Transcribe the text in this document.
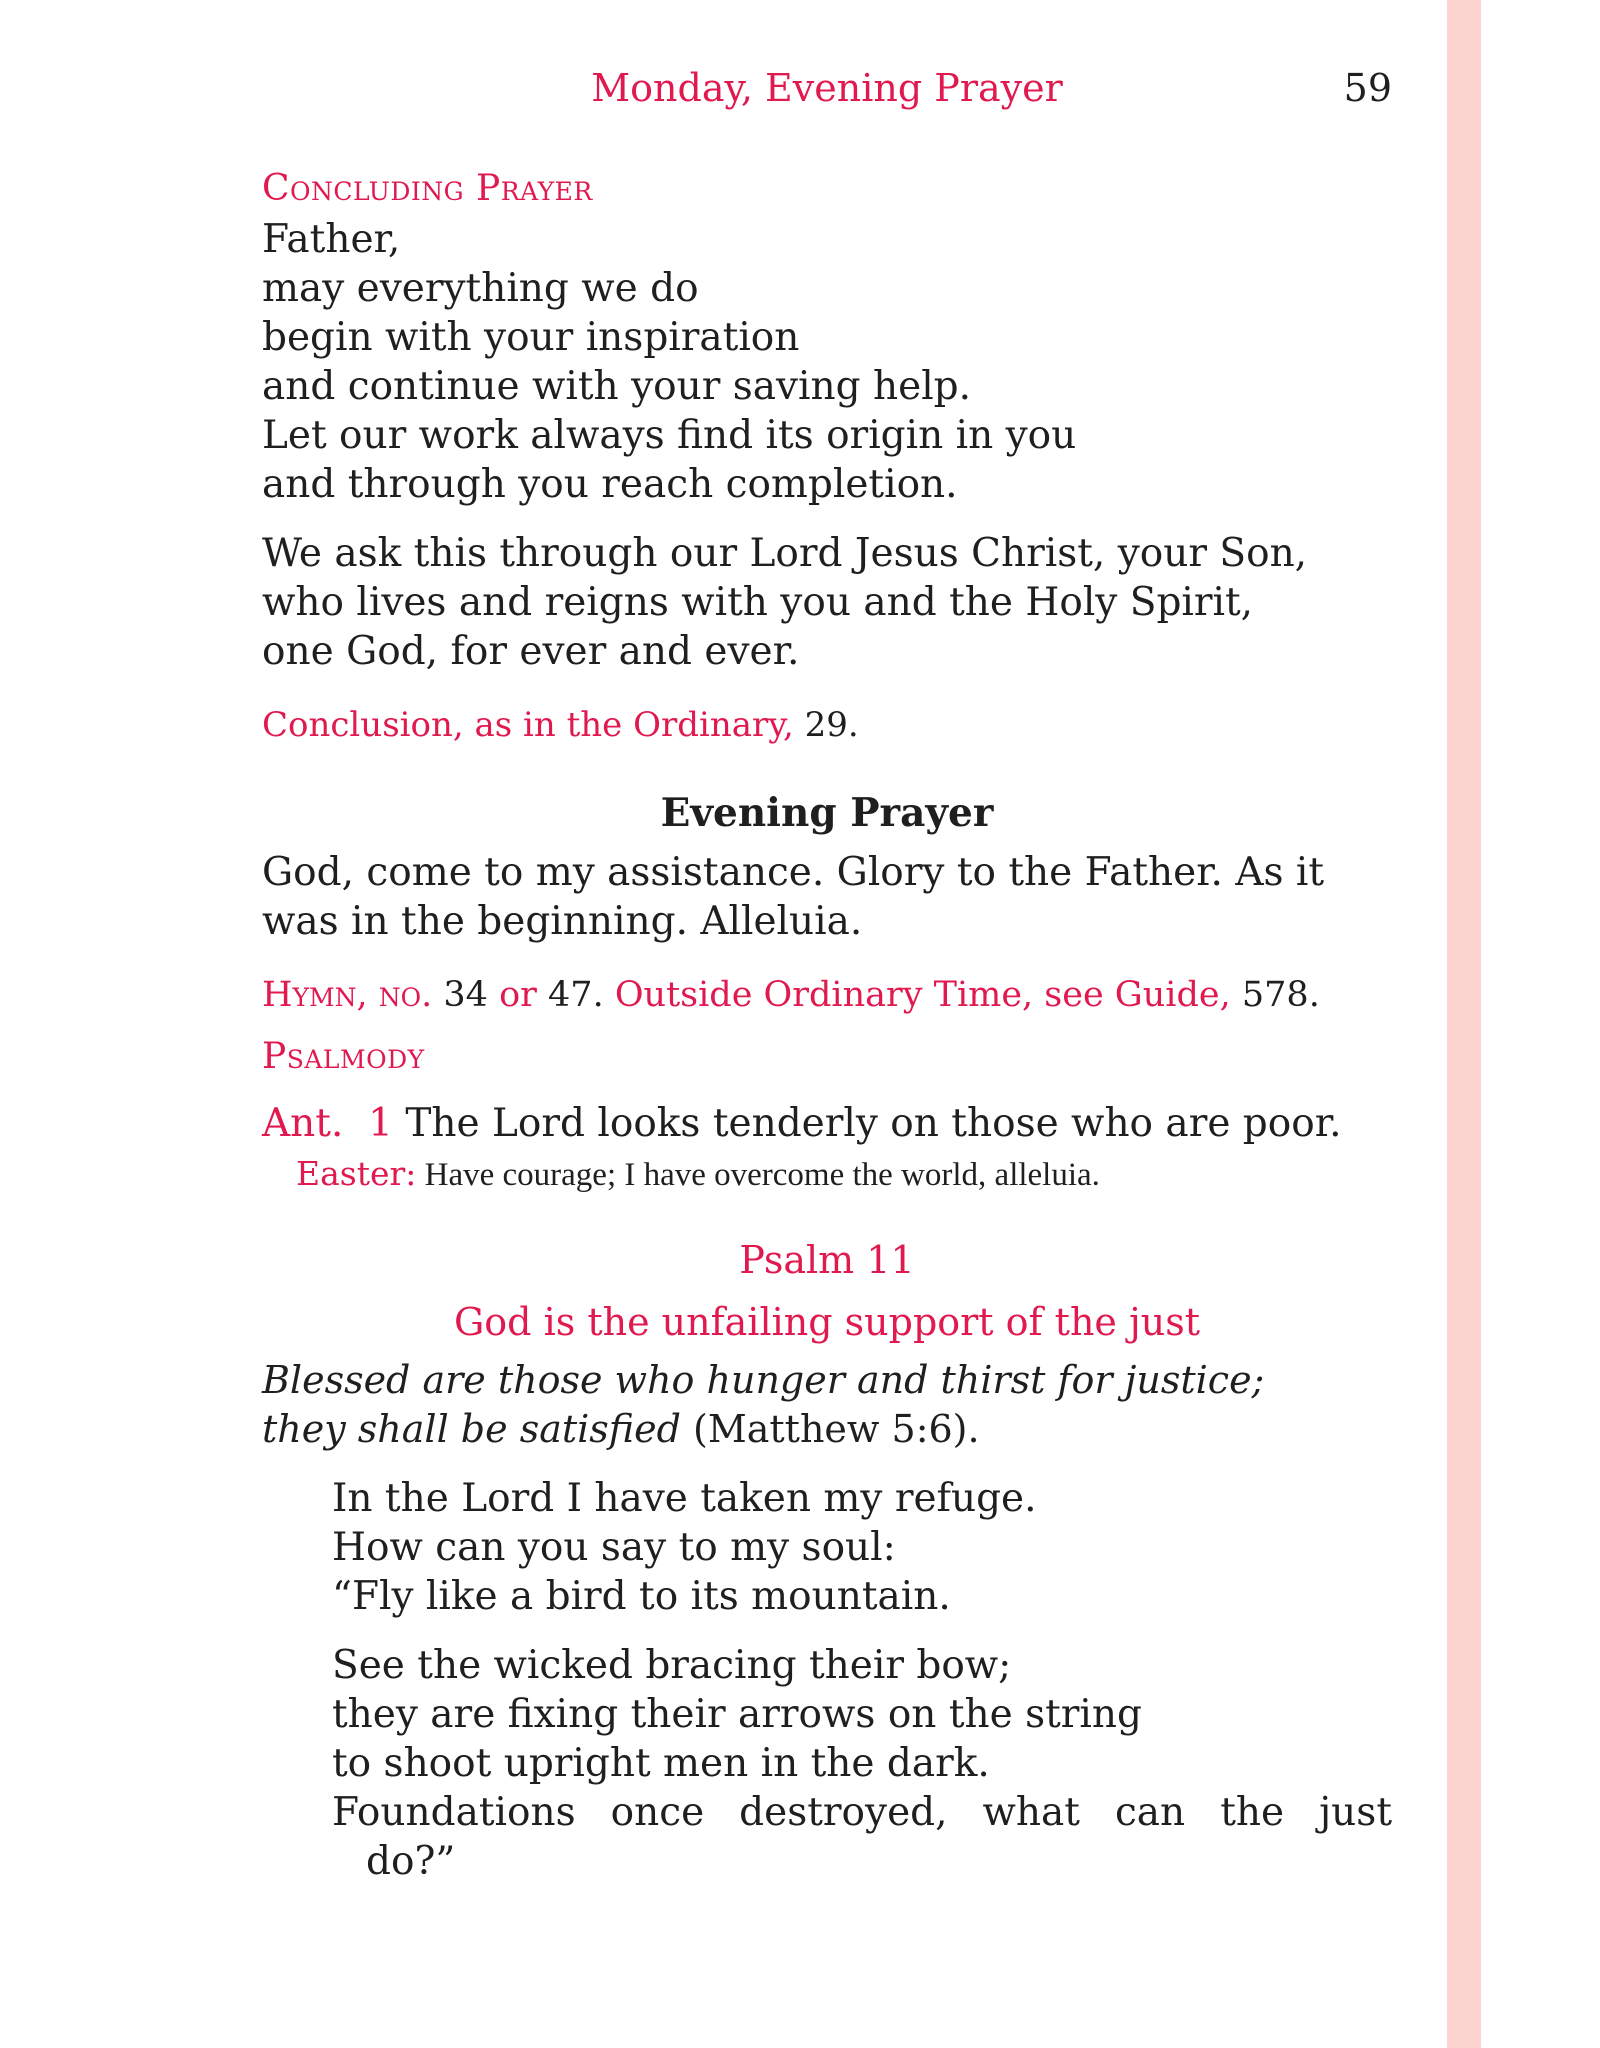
Monday, Evening Prayer	59
Concluding Prayer
Father,
may everything we do
begin with your inspiration
and continue with your saving help.
Let our work always find its origin in you
and through you reach completion.
We ask this through our Lord Jesus Christ, your Son,
who lives and reigns with you and the Holy Spirit,
one God, for ever and ever.
Conclusion, as in the Ordinary, 29.
Evening Prayer
God, come to my assistance. Glory to the Father. As it
was in the beginning. Alleluia.
Hymn, no. 34 or 47. Outside Ordinary Time, see Guide, 578.
Psalmody
Ant.  1 The Lord looks tenderly on those who are poor.
Easter: Have courage; I have overcome the world, alleluia.
Psalm 11
God is the unfailing support of the just
Blessed are those who hunger and thirst for justice;
they shall be satisfied (Matthew 5:6).
In the Lord I have taken my refuge.
How can you say to my soul:
“Fly like a bird to its mountain.
See the wicked bracing their bow;
they are fixing their arrows on the string
to shoot upright men in the dark.
Foundations once destroyed, what can the just
do?”
